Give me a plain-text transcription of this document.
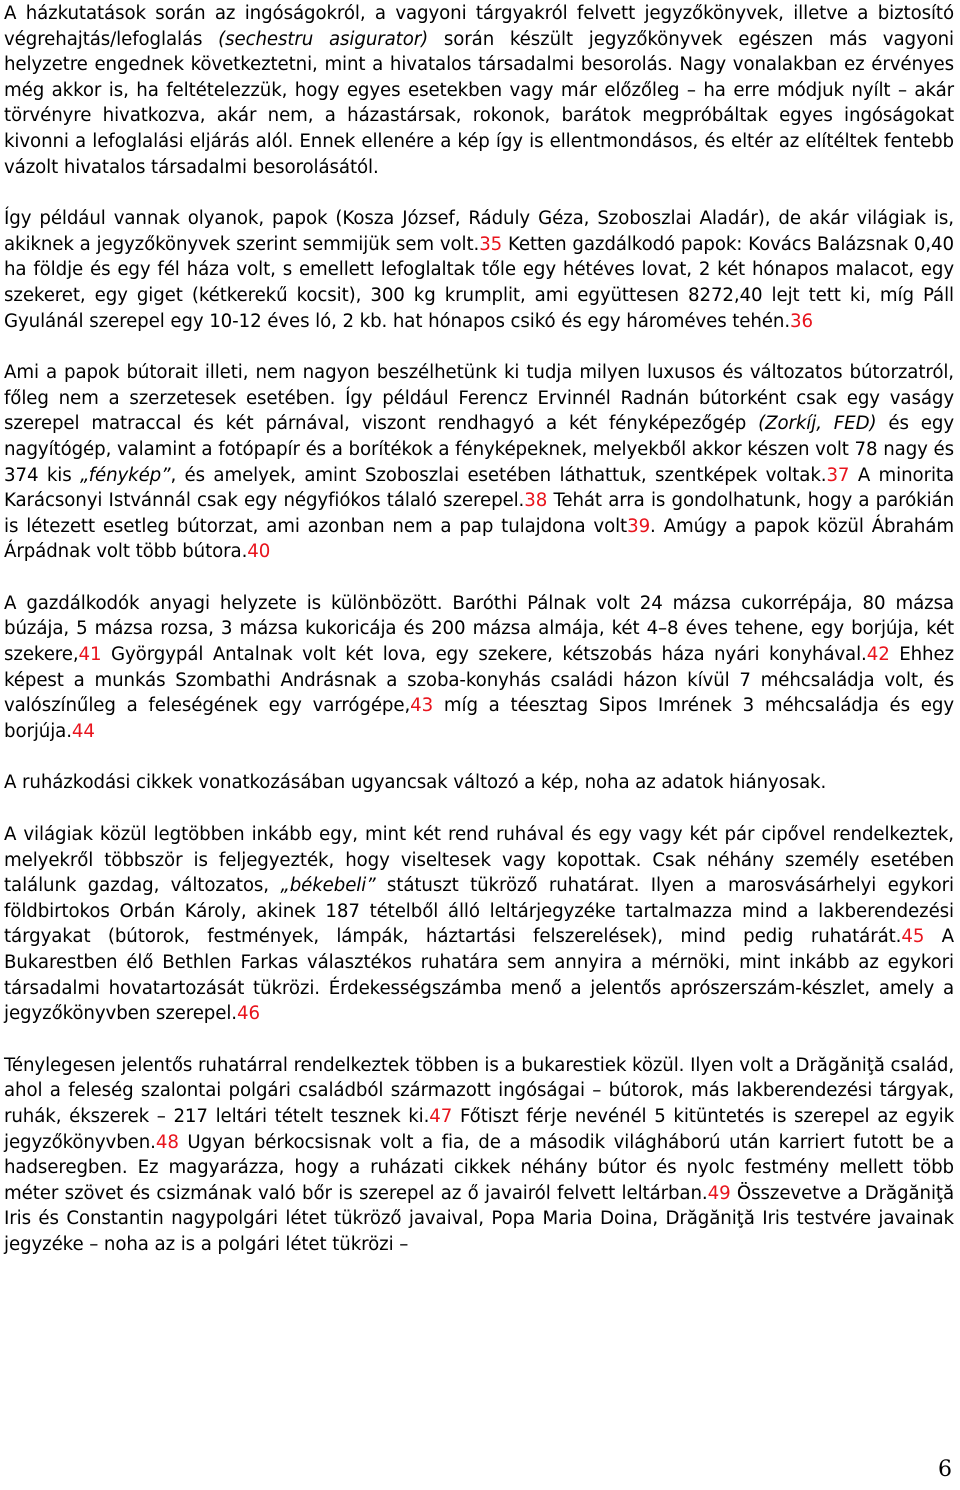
A házkutatások során az ingóságokról, a vagyoni tárgyakról felvett jegyzőkönyvek, illetve a biztosító végrehajtás/lefoglalás (sechestru asigurator) során készült jegyzőkönyvek egészen más vagyoni helyzetre engednek következtetni, mint a hivatalos társadalmi besorolás. Nagy vonalakban ez érvényes még akkor is, ha feltételezzük, hogy egyes esetekben vagy már előzőleg – ha erre módjuk nyílt – akár törvényre hivatkozva, akár nem, a házastársak, rokonok, barátok megpróbáltak egyes ingóságokat kivonni a lefoglalási eljárás alól. Ennek ellenére a kép így is ellentmondásos, és eltér az elítéltek fentebb vázolt hivatalos társadalmi besorolásától.

Így például vannak olyanok, papok (Kosza József, Ráduly Géza, Szoboszlai Aladár), de akár világiak is, akiknek a jegyzőkönyvek szerint semmijük sem volt.35 Ketten gazdálkodó papok: Kovács Balázsnak 0,40 ha földje és egy fél háza volt, s emellett lefoglaltak tőle egy hétéves lovat, 2 két hónapos malacot, egy szekeret, egy giget (kétkerekű kocsit), 300 kg krumplit, ami együttesen 8272,40 lejt tett ki, míg Páll Gyulánál szerepel egy 10-12 éves ló, 2 kb. hat hónapos csikó és egy hároméves tehén.36

Ami a papok bútorait illeti, nem nagyon beszélhetünk ki tudja milyen luxusos és változatos bútorzatról, főleg nem a szerzetesek esetében. Így például Ferencz Ervinnél Radnán bútorként csak egy vaságy szerepel matraccal és két párnával, viszont rendhagyó a két fényképezőgép (Zorkíj, FED) és egy nagyítógép, valamint a fotópapír és a borítékok a fényképeknek, melyekből akkor készen volt 78 nagy és 374 kis „fénykép”, és amelyek, amint Szoboszlai esetében láthattuk, szentképek voltak.37 A minorita Karácsonyi Istvánnál csak egy négyfiókos tálaló szerepel.38 Tehát arra is gondolhatunk, hogy a parókián is létezett esetleg bútorzat, ami azonban nem a pap tulajdona volt39. Amúgy a papok közül Ábrahám Árpádnak volt több bútora.40

A gazdálkodók anyagi helyzete is különbözött. Baróthi Pálnak volt 24 mázsa cukorrépája, 80 mázsa búzája, 5 mázsa rozsa, 3 mázsa kukoricája és 200 mázsa almája, két 4–8 éves tehene, egy borjúja, két szekere,41 Györgypál Antalnak volt két lova, egy szekere, kétszobás háza nyári konyhával.42 Ehhez képest a munkás Szombathi Andrásnak a szoba-konyhás családi házon kívül 7 méhcsaládja volt, és valószínűleg a feleségének egy varrógépe,43 míg a téesztag Sipos Imrének 3 méhcsaládja és egy borjúja.44

A ruházkodási cikkek vonatkozásában ugyancsak változó a kép, noha az adatok hiányosak.

A világiak közül legtöbben inkább egy, mint két rend ruhával és egy vagy két pár cipővel rendelkeztek, melyekről többször is feljegyezték, hogy viseltesek vagy kopottak. Csak néhány személy esetében találunk gazdag, változatos, „békebeli” státuszt tükröző ruhatárat. Ilyen a marosvásárhelyi egykori földbirtokos Orbán Károly, akinek 187 tételből álló leltárjegyzéke tartalmazza mind a lakberendezési tárgyakat (bútorok, festmények, lámpák, háztartási felszerelések), mind pedig ruhatárát.45 A Bukarestben élő Bethlen Farkas választékos ruhatára sem annyira a mérnöki, mint inkább az egykori társadalmi hovatartozását tükrözi. Érdekességszámba menő a jelentős aprószerszám-készlet, amely a jegyzőkönyvben szerepel.46

Ténylegesen jelentős ruhatárral rendelkeztek többen is a bukarestiek közül. Ilyen volt a Drăgăniţă család, ahol a feleség szalontai polgári családból származott ingóságai – bútorok, más lakberendezési tárgyak, ruhák, ékszerek – 217 leltári tételt tesznek ki.47 Főtiszt férje nevénél 5 kitüntetés is szerepel az egyik jegyzőkönyvben.48 Ugyan bérkocsisnak volt a fia, de a második világháború után karriert futott be a hadseregben. Ez magyarázza, hogy a ruházati cikkek néhány bútor és nyolc festmény mellett több méter szövet és csizmának való bőr is szerepel az ő javairól felvett leltárban.49 Összevetve a Drăgăniţă Iris és Constantin nagypolgári létet tükröző javaival, Popa Maria Doina, Drăgăniţă Iris testvére javainak jegyzéke – noha az is a polgári létet tükrözi –

6
